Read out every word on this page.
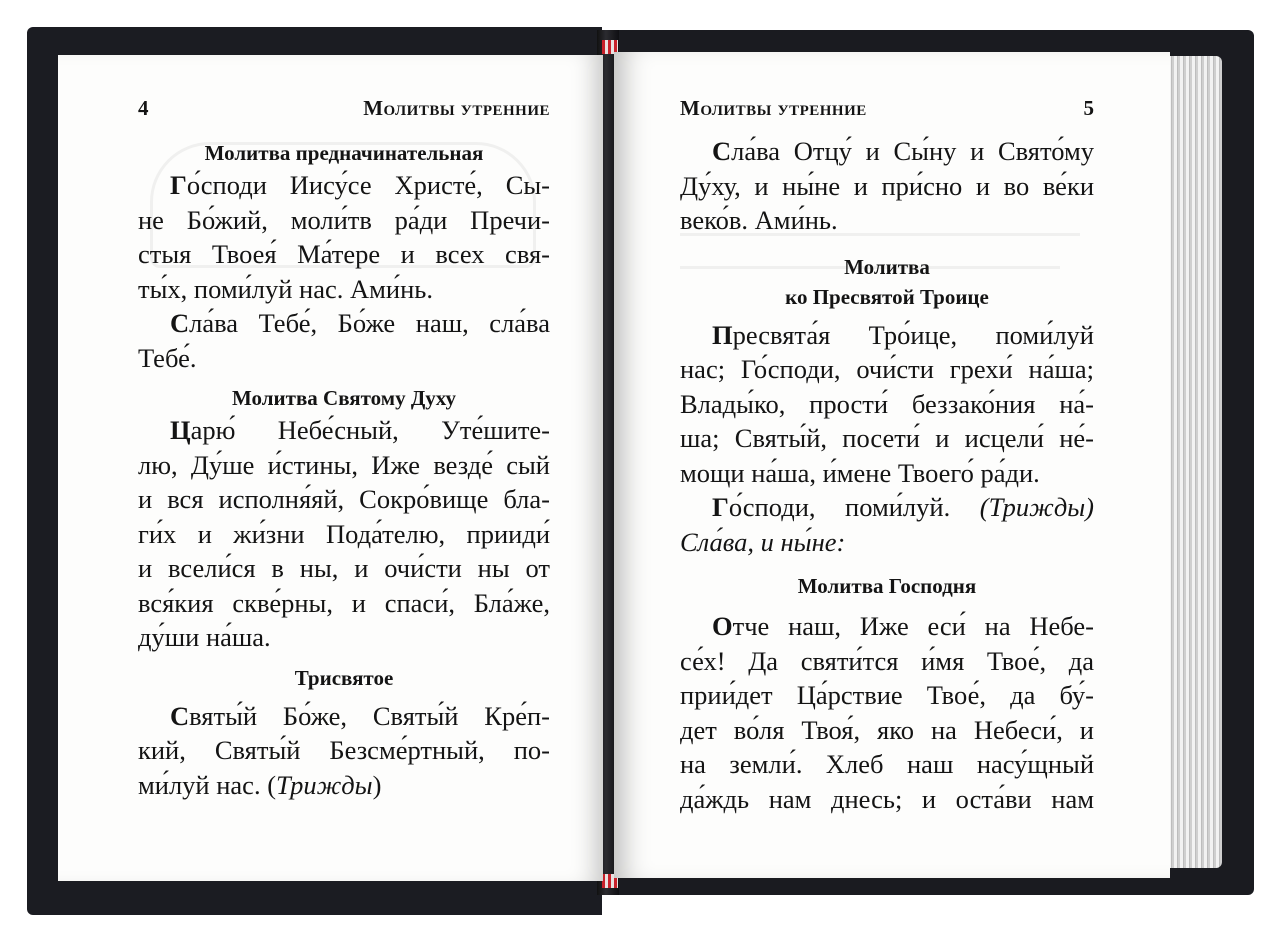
4	Молитвы утренние

Молитва предначинательная

Го́споди Иису́се Христе́, Сы-
не Бо́жий, моли́тв ра́ди Пречи-
стыя Твоея́ Ма́тере и всех свя-
ты́х, поми́луй нас. Ами́нь.

Сла́ва Тебе́, Бо́же наш, сла́ва
Тебе́.

Молитва Святому Духу

Царю́ Небе́сный, Уте́шите-
лю, Ду́ше и́стины, Иже везде́ сый
и вся исполня́яй, Сокро́вище бла-
ги́х и жи́зни Пода́телю, прииди́
и всели́ся в ны, и очи́сти ны от
вся́кия скве́рны, и спаси́, Бла́же,
ду́ши на́ша.

Трисвятое

Святы́й Бо́же, Святы́й Кре́п-
кий, Святы́й Безсме́ртный, по-
ми́луй нас. (Трижды)

Молитвы утренние	5

Сла́ва Отцу́ и Сы́ну и Свято́му
Ду́ху, и ны́не и при́сно и во ве́ки
веко́в. Ами́нь.

Молитва

ко Пресвятой Троице

Пресвята́я Тро́ице, поми́луй
нас; Го́споди, очи́сти грехи́ на́ша;
Влады́ко, прости́ беззако́ния на́-
ша; Святы́й, посети́ и исцели́ не́-
мощи на́ша, и́мене Твоего́ ра́ди.

Го́споди, поми́луй. (Трижды)
Сла́ва, и ны́не:

Молитва Господня

Отче наш, Иже еси́ на Небе-
се́х! Да святи́тся и́мя Твое́, да
прии́дет Ца́рствие Твое́, да бу́-
дет во́ля Твоя́, яко на Небеси́, и
на земли́. Хлеб наш насу́щный
да́ждь нам днесь; и оста́ви нам
